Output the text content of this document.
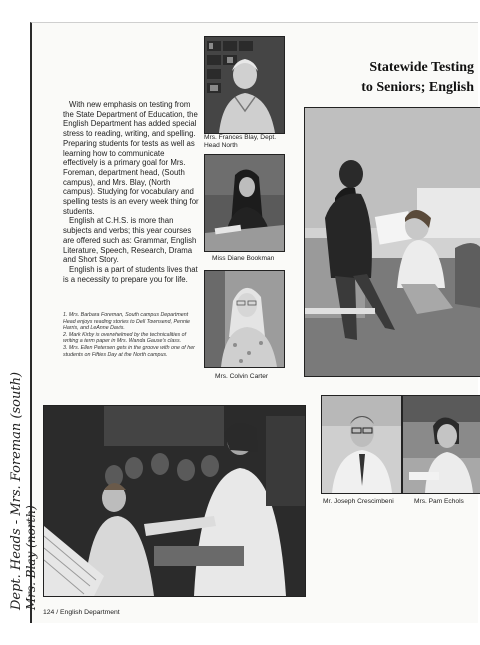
Statewide Testing
to Seniors; English

With new emphasis on testing from the State Department of Education, the English Department has added special stress to reading, writing, and spelling. Preparing students for tests as well as learning how to communicate effectively is a primary goal for Mrs. Foreman, department head, (South campus), and Mrs. Blay, (North campus). Studying for vocabulary and spelling tests is an every week thing for students.

English at C.H.S. is more than subjects and verbs; this year courses are offered such as: Grammar, English Literature, Speech, Research, Drama and Short Story.

English is a part of students lives that is a necessity to prepare you for life.

1. Mrs. Barbara Foreman, South campus Department Head enjoys reading stories to Dell Townsend, Pennie Harris, and LeAnne Davis.
2. Mark Kirby is overwhelmed by the technicalities of writing a term paper in Mrs. Wanda Gause's class.
3. Mrs. Ellen Petersen gets in the groove with one of her students on Fifties Day at the North campus.
Mrs. Frances Blay, Dept. Head North
Miss Diane Bookman
Mrs. Colvin Carter
Mr. Joseph Crescimbeni	Mrs. Pam Echols
Dept. Heads - Mrs. Foreman (south) Mrs. Blay (north)
124 / English Department
